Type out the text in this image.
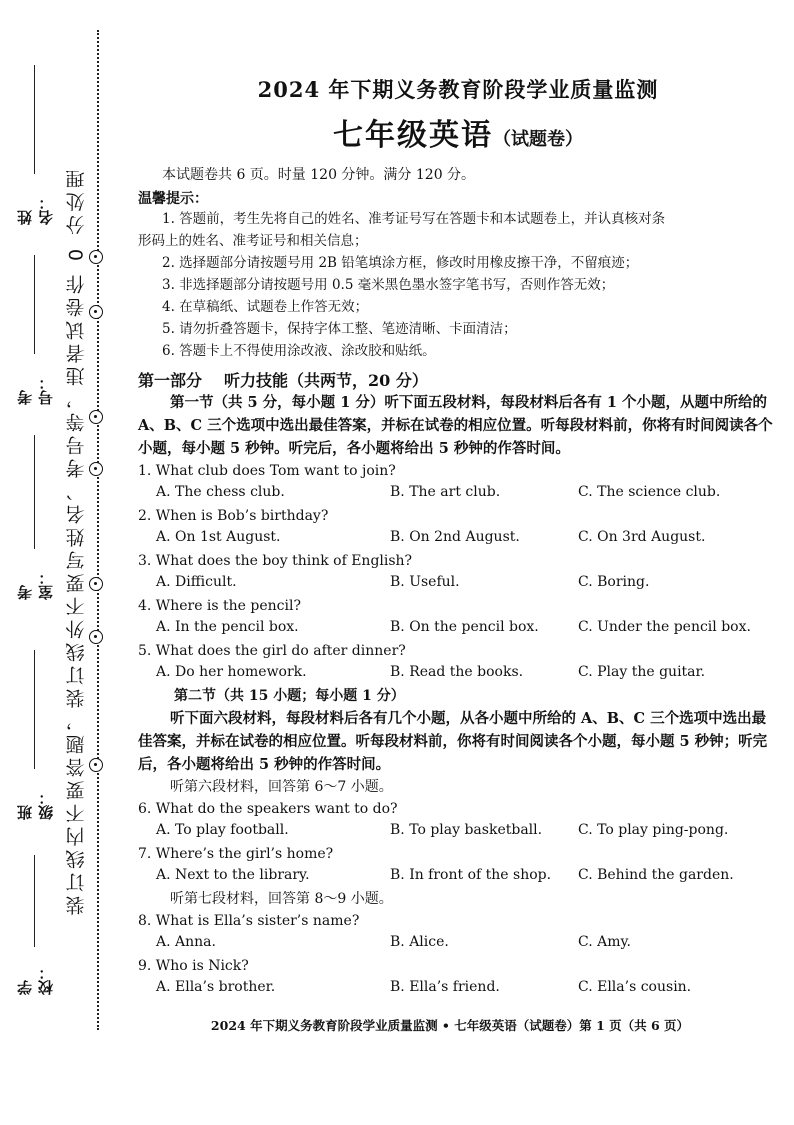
姓名：
考号：
考室：
班级：
学校：
装订线内不要答题，装订线外不要写姓名、考号等，违者试卷作 0 分处理
2024 年下期义务教育阶段学业质量监测
七年级英语（试题卷）
本试题卷共 6 页。时量 120 分钟。满分 120 分。
温馨提示：
1. 答题前，考生先将自己的姓名、准考证号写在答题卡和本试题卷上，并认真核对条
形码上的姓名、准考证号和相关信息；
2. 选择题部分请按题号用 2B 铅笔填涂方框，修改时用橡皮擦干净，不留痕迹；
3. 非选择题部分请按题号用 0.5 毫米黑色墨水签字笔书写，否则作答无效；
4. 在草稿纸、试题卷上作答无效；
5. 请勿折叠答题卡，保持字体工整、笔迹清晰、卡面清洁；
6. 答题卡上不得使用涂改液、涂改胶和贴纸。
第一部分 听力技能（共两节，20 分）
第一节（共 5 分，每小题 1 分）听下面五段材料，每段材料后各有 1 个小题，从题中所给的 A、B、C 三个选项中选出最佳答案，并标在试卷的相应位置。听每段材料前，你将有时间阅读各个小题，每小题 5 秒钟。听完后，各小题将给出 5 秒钟的作答时间。
1. What club does Tom want to join?
A. The chess club.	B. The art club.	C. The science club.
2. When is Bob’s birthday?
A. On 1st August.	B. On 2nd August.	C. On 3rd August.
3. What does the boy think of English?
A. Difficult.	B. Useful.	C. Boring.
4. Where is the pencil?
A. In the pencil box.	B. On the pencil box.	C. Under the pencil box.
5. What does the girl do after dinner?
A. Do her homework.	B. Read the books.	C. Play the guitar.
第二节（共 15 小题；每小题 1 分）
听下面六段材料，每段材料后各有几个小题，从各小题中所给的 A、B、C 三个选项中选出最佳答案，并标在试卷的相应位置。听每段材料前，你将有时间阅读各个小题，每小题 5 秒钟；听完后，各小题将给出 5 秒钟的作答时间。
听第六段材料，回答第 6～7 小题。
6. What do the speakers want to do?
A. To play football.	B. To play basketball.	C. To play ping-pong.
7. Where’s the girl’s home?
A. Next to the library.	B. In front of the shop. C. Behind the garden.
听第七段材料，回答第 8～9 小题。
8. What is Ella’s sister’s name?
A. Anna.	B. Alice.	C. Amy.
9. Who is Nick?
A. Ella’s brother.	B. Ella’s friend.	C. Ella’s cousin.
2024 年下期义务教育阶段学业质量监测 • 七年级英语（试题卷）第 1 页（共 6 页）
